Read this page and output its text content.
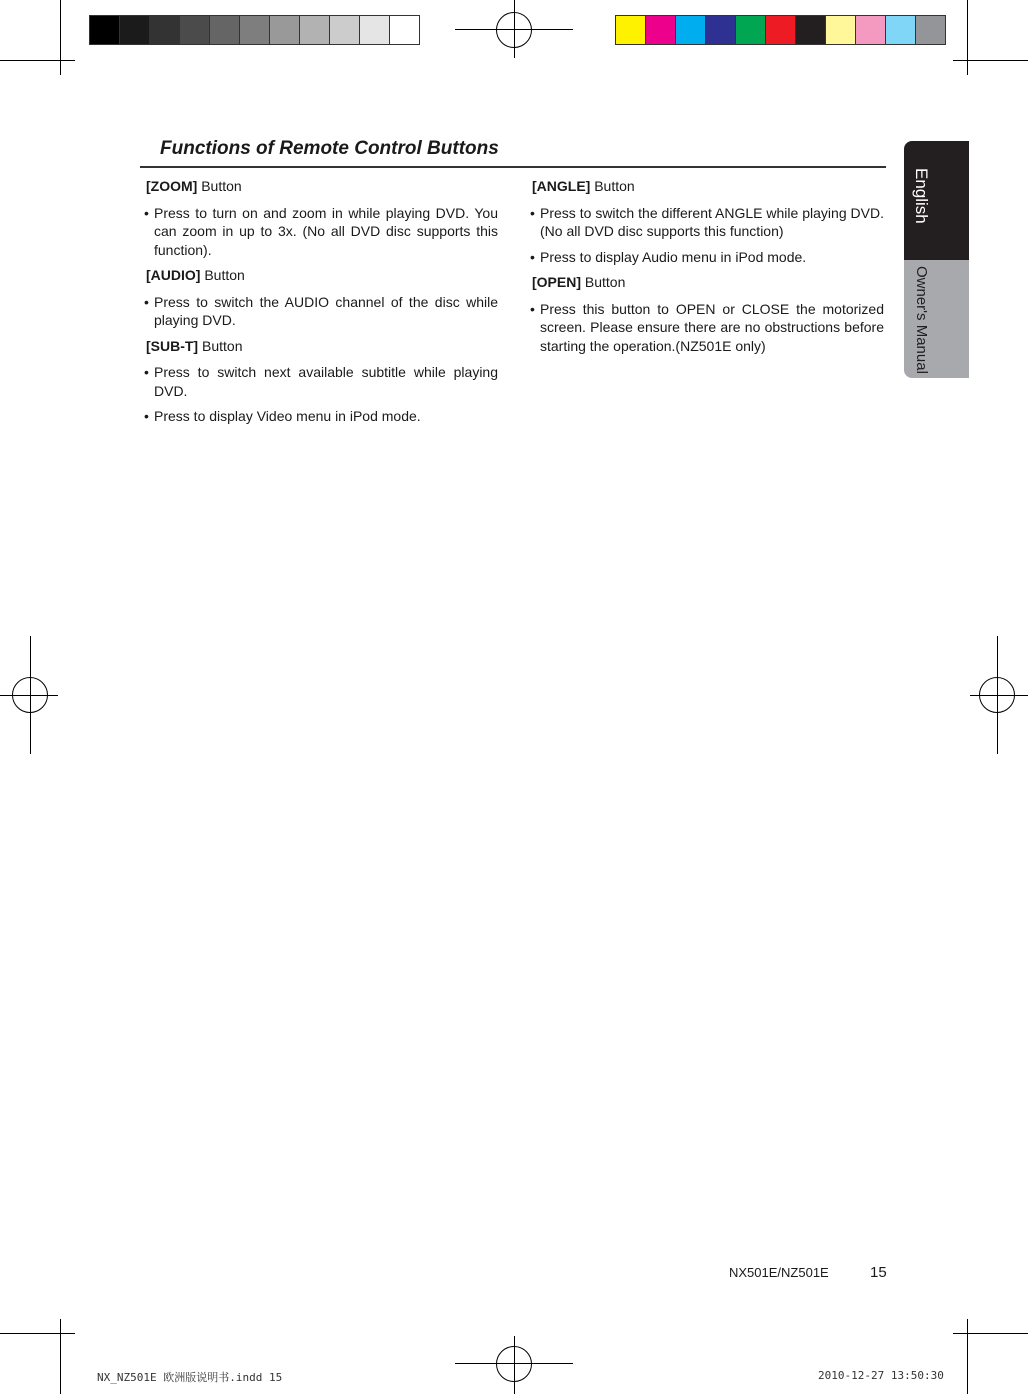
English
Owner's Manual
Functions of Remote Control Buttons
[ZOOM] Button
• Press to turn on and zoom in while playing DVD. You can zoom in up to 3x. (No all DVD disc supports this function).
[AUDIO] Button
• Press to switch the AUDIO channel of the disc while playing DVD.
[SUB-T] Button
• Press to switch next available subtitle while playing DVD.
• Press to display Video menu in iPod mode.
[ANGLE] Button
• Press to switch the different ANGLE while playing DVD. (No all DVD disc supports this function)
• Press to display Audio menu in iPod mode.
[OPEN] Button
• Press this button to OPEN or CLOSE the motorized screen. Please ensure there are no obstructions before starting the operation.(NZ501E only)
NX501E/NZ501E	15
NX_NZ501E 欧洲版说明书.indd 15	2010-12-27 13:50:30
